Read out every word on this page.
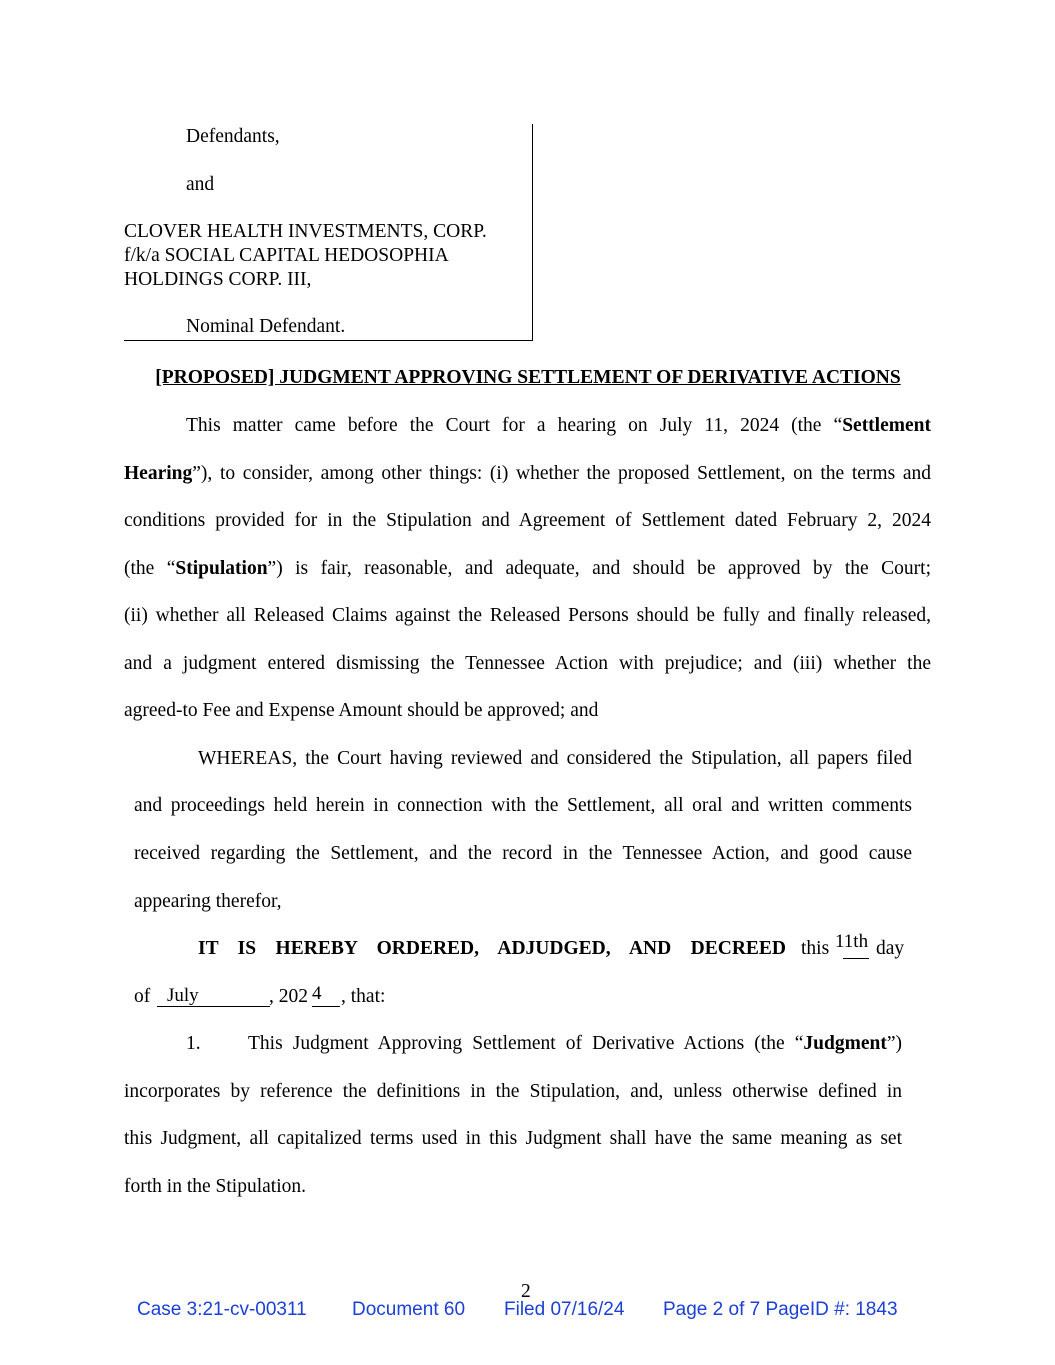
Defendants,
and
CLOVER HEALTH INVESTMENTS, CORP.
f/k/a SOCIAL CAPITAL HEDOSOPHIA
HOLDINGS CORP. III,
Nominal Defendant.
[PROPOSED] JUDGMENT APPROVING SETTLEMENT OF DERIVATIVE ACTIONS
This matter came before the Court for a hearing on July 11, 2024 (the “Settlement
Hearing”), to consider, among other things: (i) whether the proposed Settlement, on the terms and
conditions provided for in the Stipulation and Agreement of Settlement dated February 2, 2024
(the “Stipulation”) is fair, reasonable, and adequate, and should be approved by the Court;
(ii) whether all Released Claims against the Released Persons should be fully and finally released,
and a judgment entered dismissing the Tennessee Action with prejudice; and (iii) whether the
agreed-to Fee and Expense Amount should be approved; and
WHEREAS, the Court having reviewed and considered the Stipulation, all papers filed
and proceedings held herein in connection with the Settlement, all oral and written comments
received regarding the Settlement, and the record in the Tennessee Action, and good cause
appearing therefor,
IT IS HEREBY ORDERED, ADJUDGED, AND DECREED this 11th day
of July	, 202 4 , that:
1. This Judgment Approving Settlement of Derivative Actions (the “Judgment”)
incorporates by reference the definitions in the Stipulation, and, unless otherwise defined in
this Judgment, all capitalized terms used in this Judgment shall have the same meaning as set
forth in the Stipulation.
2
Case 3:21-cv-00311 Document 60 Filed 07/16/24 Page 2 of 7 PageID #: 1843
